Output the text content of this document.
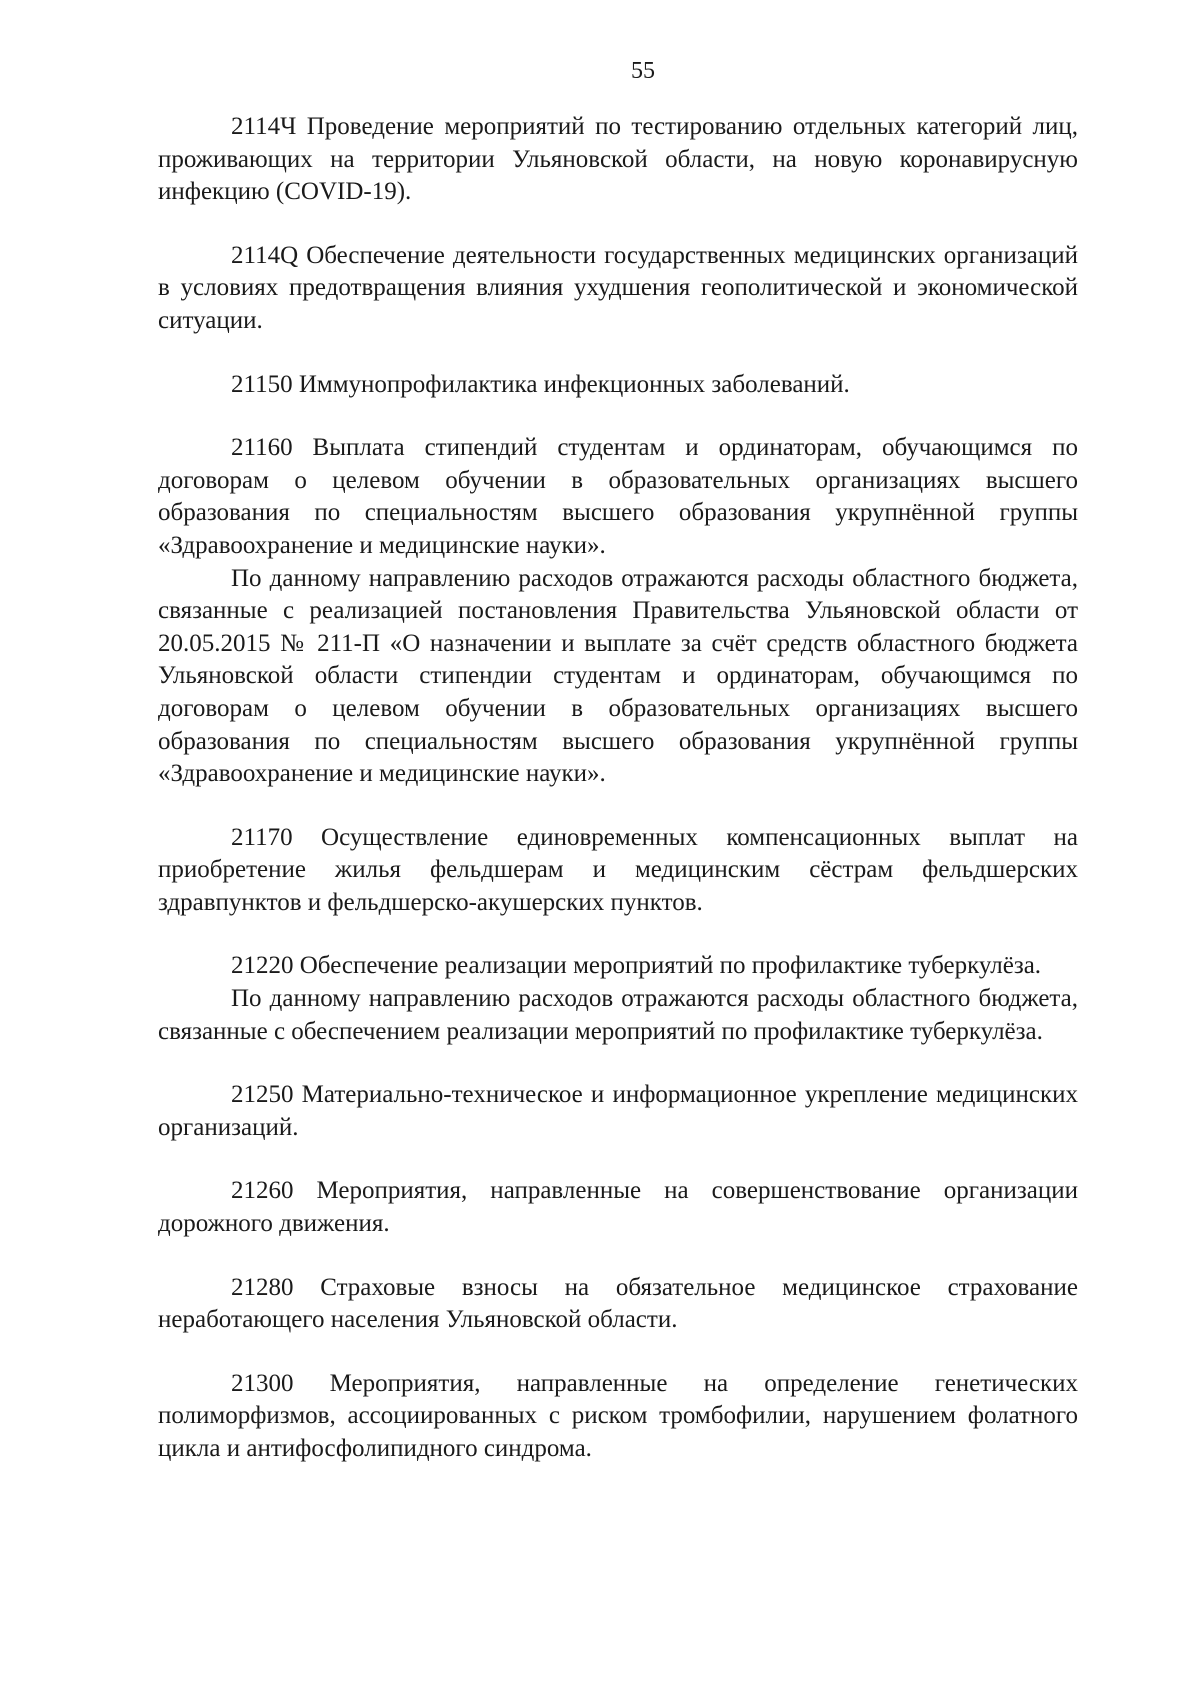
55

2114Ч Проведение мероприятий по тестированию отдельных категорий лиц, проживающих на территории Ульяновской области, на новую коронавирусную инфекцию (COVID-19).

2114Q Обеспечение деятельности государственных медицинских организаций в условиях предотвращения влияния ухудшения геополитической и экономической ситуации.

21150 Иммунопрофилактика инфекционных заболеваний.

21160 Выплата стипендий студентам и ординаторам, обучающимся по договорам о целевом обучении в образовательных организациях высшего образования по специальностям высшего образования укрупнённой группы «Здравоохранение и медицинские науки».

По данному направлению расходов отражаются расходы областного бюджета, связанные с реализацией постановления Правительства Ульяновской области от 20.05.2015 № 211-П «О назначении и выплате за счёт средств областного бюджета Ульяновской области стипендии студентам и ординаторам, обучающимся по договорам о целевом обучении в образовательных организациях высшего образования по специальностям высшего образования укрупнённой группы «Здравоохранение и медицинские науки».

21170 Осуществление единовременных компенсационных выплат на приобретение жилья фельдшерам и медицинским сёстрам фельдшерских здравпунктов и фельдшерско-акушерских пунктов.

21220 Обеспечение реализации мероприятий по профилактике туберкулёза.

По данному направлению расходов отражаются расходы областного бюджета, связанные с обеспечением реализации мероприятий по профилактике туберкулёза.

21250 Материально-техническое и информационное укрепление медицинских организаций.

21260 Мероприятия, направленные на совершенствование организации дорожного движения.

21280 Страховые взносы на обязательное медицинское страхование неработающего населения Ульяновской области.

21300 Мероприятия, направленные на определение генетических полиморфизмов, ассоциированных с риском тромбофилии, нарушением фолатного цикла и антифосфолипидного синдрома.
